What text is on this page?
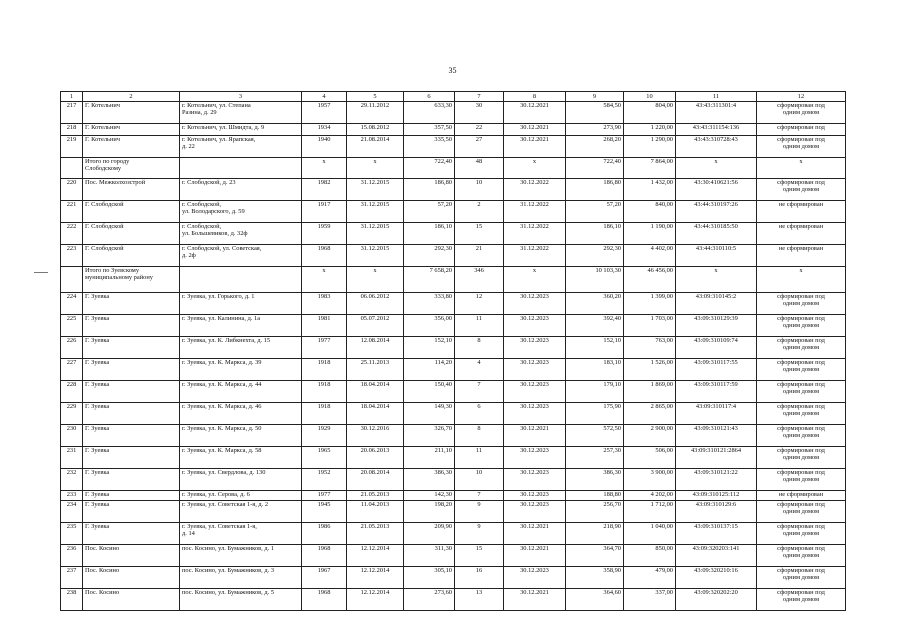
35
1	2	3	4	5	6	7	8	9	10	11	12
217	Г. Котельнич	г. Котельнич, ул. Степана
Разина, д. 29	1957	29.11.2012	633,30	30	30.12.2021	584,50	804,00	43:43:311301:4	сформирован под
одним домом
218	Г. Котельнич	г. Котельнич, ул. Шмидта, д. 9	1934	15.08.2012	357,50	22	30.12.2021	273,90	1 220,00	43:43:311154:136	сформирован под
219	Г. Котельнич	г. Котельнич, ул. Ярапская,
д. 22	1940	21.08.2014	335,50	27	30.12.2021	268,20	1 290,00	43:43:310728:43	сформирован под
одним домом
	Итого по городу
Слободскому		х	х	722,40	48	х	722,40	7 864,00	х	х
220	Пос. Межколхозстрой	г. Слободской, д. 23	1982	31.12.2015	186,80	10	30.12.2022	186,80	1 432,00	43:30:410621:56	сформирован под
одним домом
221	Г. Слободской	г. Слободской,
ул. Володарского, д. 59	1917	31.12.2015	57,20	2	31.12.2022	57,20	840,00	43:44:310197:26	не сформирован
222	Г. Слободской	г. Слободской,
ул. Большевиков, д. 32ф	1959	31.12.2015	186,10	15	31.12.2022	186,10	1 190,00	43:44:310185:50	не сформирован
223	Г. Слободской	г. Слободской, ул. Советская,
д. 2ф	1968	31.12.2015	292,30	21	31.12.2022	292,30	4 402,00	43:44:310110:5	не сформирован
	Итого по Зуевскому
муниципальному району		х	х	7 658,20	346	х	10 103,30	46 456,00	х	х
224	Г. Зуевка	г. Зуевка, ул. Горького, д. 1	1983	06.06.2012	333,80	12	30.12.2023	360,20	1 399,00	43:09:310145:2	сформирован под
одним домом
225	Г. Зуевка	г. Зуевка, ул. Калинина, д. 1а	1981	05.07.2012	356,00	11	30.12.2023	392,40	1 703,00	43:09:310129:39	сформирован под
одним домом
226	Г. Зуевка	г. Зуевка, ул. К. Либкнехта, д. 15	1977	12.08.2014	152,10	8	30.12.2023	152,10	763,00	43:09:310109:74	сформирован под
одним домом
227	Г. Зуевка	г. Зуевка, ул. К. Маркса, д. 39	1918	25.11.2013	114,20	4	30.12.2023	183,10	1 526,00	43:09:310117:55	сформирован под
одним домом
228	Г. Зуевка	г. Зуевка, ул. К. Маркса, д. 44	1918	18.04.2014	150,40	7	30.12.2023	179,10	1 869,00	43:09:310117:59	сформирован под
одним домом
229	Г. Зуевка	г. Зуевка, ул. К. Маркса, д. 46	1918	18.04.2014	149,30	6	30.12.2023	175,90	2 865,00	43:09:310117:4	сформирован под
одним домом
230	Г. Зуевка	г. Зуевка, ул. К. Маркса, д. 50	1929	30.12.2016	326,70	8	30.12.2021	572,50	2 900,00	43:09:310121:43	сформирован под
одним домом
231	Г. Зуевка	г. Зуевка, ул. К. Маркса, д. 58	1965	20.06.2013	211,10	11	30.12.2023	257,30	506,00	43:09:310121:2864	сформирован под
одним домом
232	Г. Зуевка	г. Зуевка, ул. Свердлова, д. 130	1952	20.08.2014	386,30	10	30.12.2023	386,30	3 900,00	43:09:310121:22	сформирован под
одним домом
233	Г. Зуевка	г. Зуевка, ул. Серова, д. 6	1977	21.05.2013	142,30	7	30.12.2023	188,80	4 202,00	43:09:310125:112	не сформирован
234	Г. Зуевка	г. Зуевка, ул. Советская 1-я, д. 2	1945	11.04.2013	198,20	9	30.12.2023	256,70	1 712,00	43:09:310129:6	сформирован под
одним домом
235	Г. Зуевка	г. Зуевка, ул. Советская 1-я,
д. 14	1986	21.05.2013	209,90	9	30.12.2021	218,90	1 040,00	43:09:310137:15	сформирован под
одним домом
236	Пос. Косино	пос. Косино, ул. Бумажников, д. 1	1968	12.12.2014	311,30	15	30.12.2021	364,70	850,00	43:09:320203:141	сформирован под
одним домом
237	Пос. Косино	пос. Косино, ул. Бумажников, д. 3	1967	12.12.2014	305,10	16	30.12.2023	358,90	479,00	43:09:320210:16	сформирован под
одним домом
238	Пос. Косино	пос. Косино, ул. Бумажников, д. 5	1968	12.12.2014	273,60	13	30.12.2021	364,60	337,00	43:09:320202:20	сформирован под
одним домом
